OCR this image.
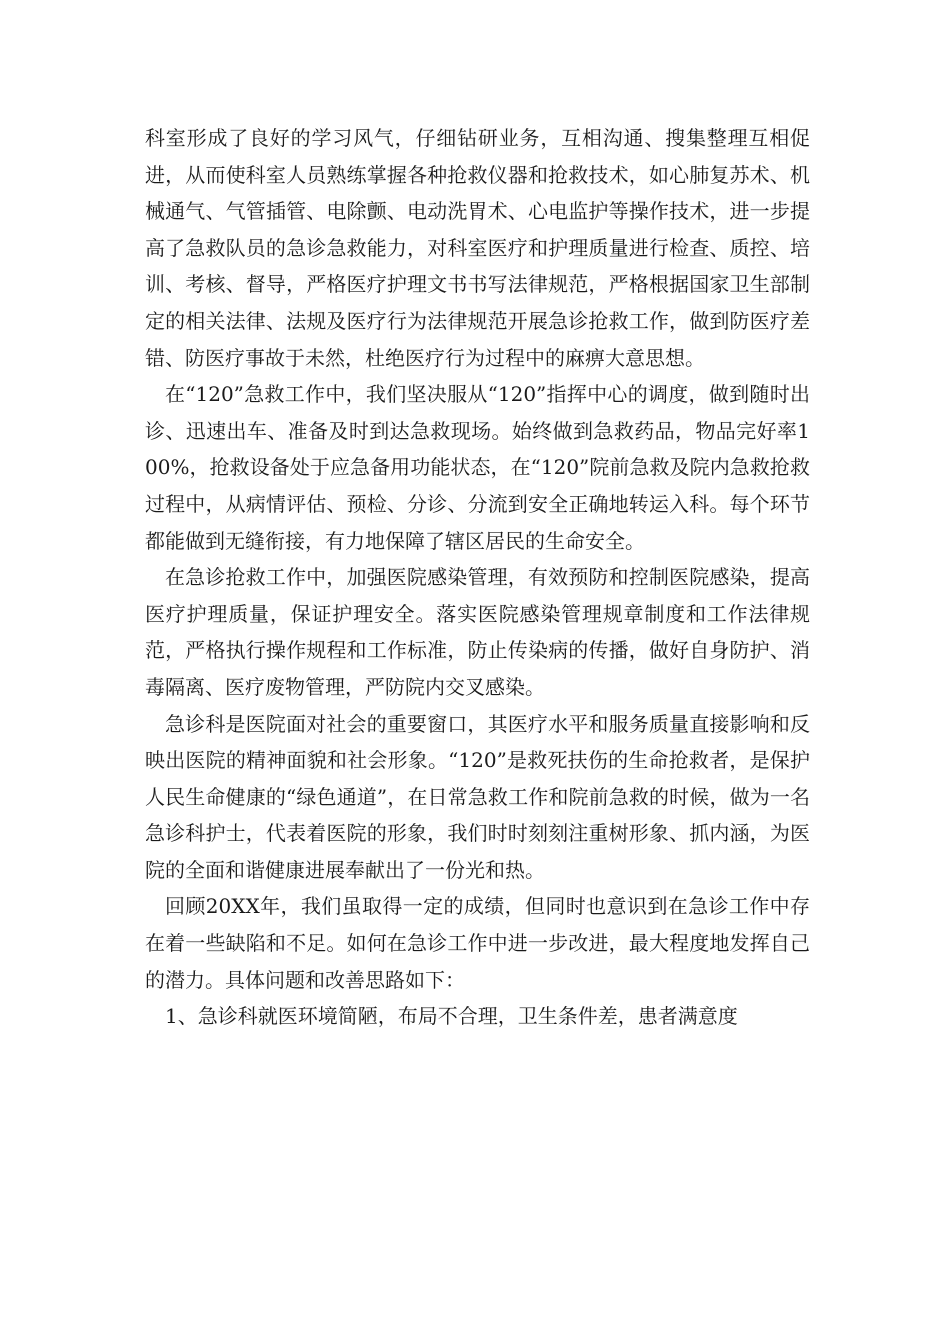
科室形成了良好的学习风气，仔细钻研业务，互相沟通、搜集整理互相促进，从而使科室人员熟练掌握各种抢救仪器和抢救技术，如心肺复苏术、机械通气、气管插管、电除颤、电动洗胃术、心电监护等操作技术，进一步提高了急救队员的急诊急救能力，对科室医疗和护理质量进行检查、质控、培训、考核、督导，严格医疗护理文书书写法律规范，严格根据国家卫生部制定的相关法律、法规及医疗行为法律规范开展急诊抢救工作，做到防医疗差错、防医疗事故于未然，杜绝医疗行为过程中的麻痹大意思想。

在“120”急救工作中，我们坚决服从“120”指挥中心的调度，做到随时出诊、迅速出车、准备及时到达急救现场。始终做到急救药品，物品完好率100%，抢救设备处于应急备用功能状态，在“120”院前急救及院内急救抢救过程中，从病情评估、预检、分诊、分流到安全正确地转运入科。每个环节都能做到无缝衔接，有力地保障了辖区居民的生命安全。

在急诊抢救工作中，加强医院感染管理，有效预防和控制医院感染，提高医疗护理质量，保证护理安全。落实医院感染管理规章制度和工作法律规范，严格执行操作规程和工作标准，防止传染病的传播，做好自身防护、消毒隔离、医疗废物管理，严防院内交叉感染。

急诊科是医院面对社会的重要窗口，其医疗水平和服务质量直接影响和反映出医院的精神面貌和社会形象。“120”是救死扶伤的生命抢救者，是保护人民生命健康的“绿色通道”，在日常急救工作和院前急救的时候，做为一名急诊科护士，代表着医院的形象，我们时时刻刻注重树形象、抓内涵，为医院的全面和谐健康进展奉献出了一份光和热。

回顾20XX年，我们虽取得一定的成绩，但同时也意识到在急诊工作中存在着一些缺陷和不足。如何在急诊工作中进一步改进，最大程度地发挥自己的潜力。具体问题和改善思路如下：

1、急诊科就医环境简陋，布局不合理，卫生条件差，患者满意度
